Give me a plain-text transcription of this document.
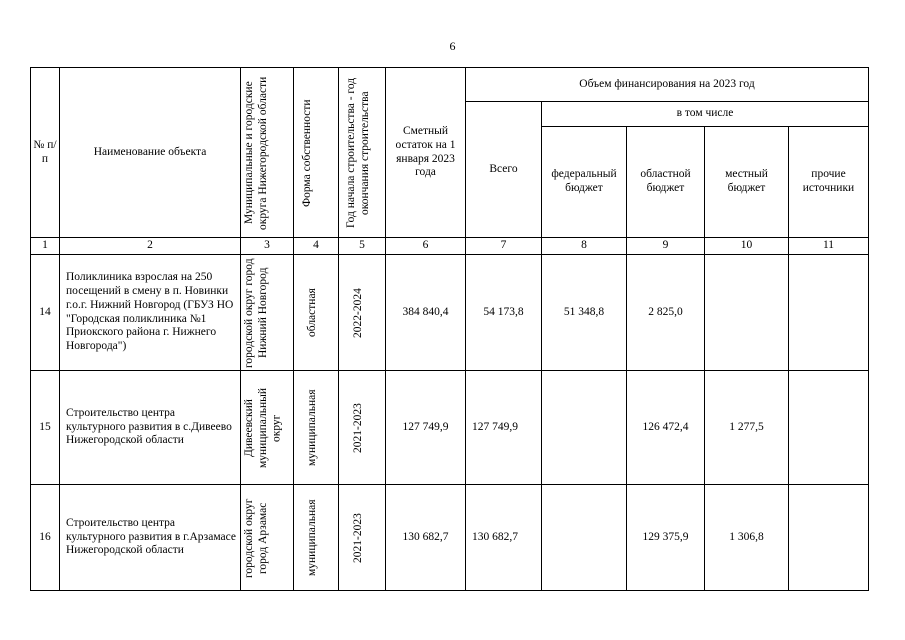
6
№ п/п	Наименование объекта	Муниципальные и городские округа Нижегородской области	Форма собственности	Год начала строительства - год окончания строительства	Сметный остаток на 1 января 2023 года	Объем финансирования на 2023 год				
						Всего	в том числе			
							федеральный бюджет	областной бюджет	местный бюджет	прочие источники
1	2	3	4	5	6	7	8	9	10	11
14	Поликлиника взрослая на 250 посещений в смену в п. Новинки г.о.г. Нижний Новгород (ГБУЗ НО "Городская поликлиника №1 Приокского района г. Нижнего Новгорода")	городской округ город Нижний Новгород	областная	2022-2024	384 840,4	54 173,8	51 348,8	2 825,0		
15	Строительство центра культурного развития в с.Дивеево Нижегородской области	Дивеевский муниципальный округ	муниципальная	2021-2023	127 749,9	127 749,9		126 472,4	1 277,5	
16	Строительство центра культурного развития в г.Арзамасе Нижегородской области	городской округ город Арзамас	муниципальная	2021-2023	130 682,7	130 682,7		129 375,9	1 306,8	
